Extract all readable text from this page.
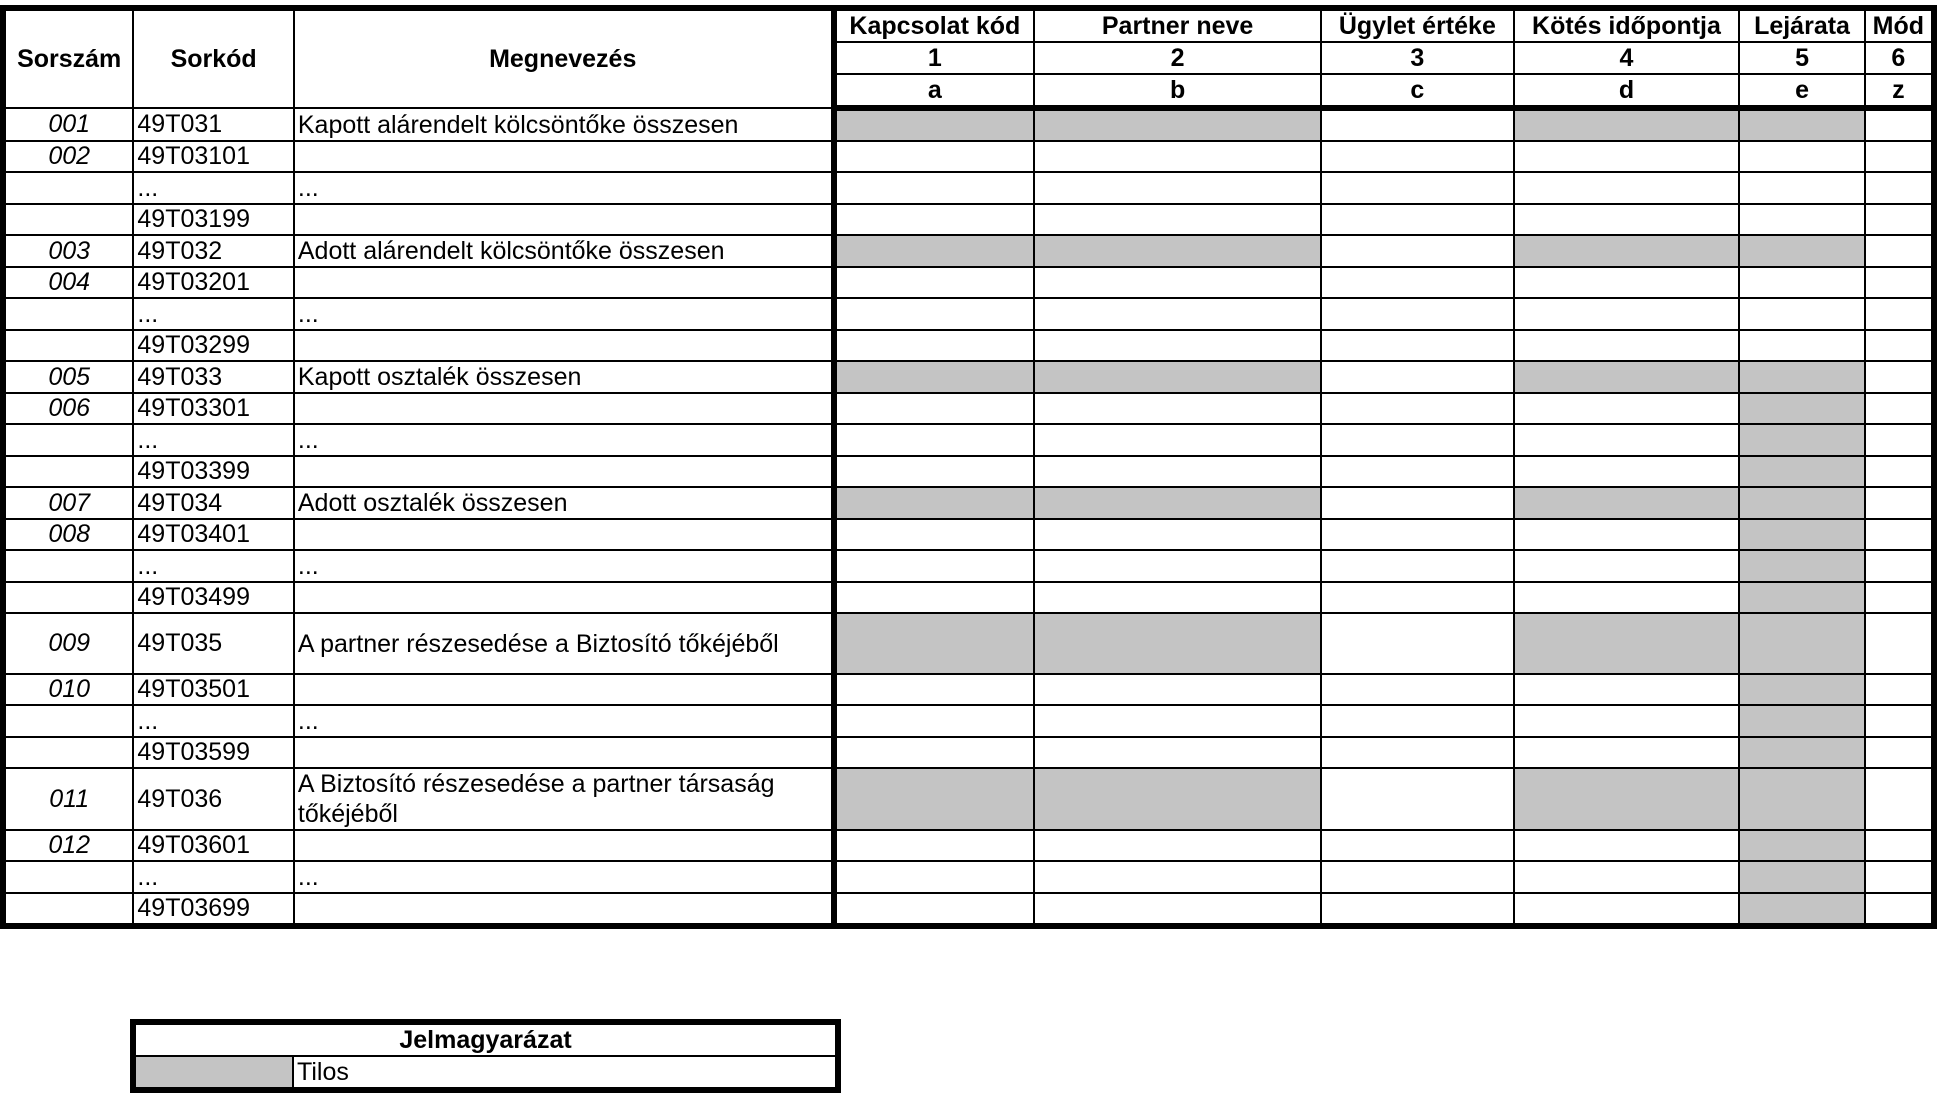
Sorszám	Sorkód	Megnevezés	Kapcsolat kód	Partner neve	Ügylet értéke	Kötés időpontja	Lejárata	Mód
			1	2	3	4	5	6
			a	b	c	d	e	z
001	49T031	Kapott alárendelt kölcsöntőke összesen						
002	49T03101							
	...	...						
	49T03199							
003	49T032	Adott alárendelt kölcsöntőke összesen						
004	49T03201							
	...	...						
	49T03299							
005	49T033	Kapott osztalék összesen						
006	49T03301							
	...	...						
	49T03399							
007	49T034	Adott osztalék összesen						
008	49T03401							
	...	...						
	49T03499							
009	49T035	A partner részesedése a Biztosító tőkéjéből						
010	49T03501							
	...	...						
	49T03599							
011	49T036	A Biztosító részesedése a partner társaság tőkéjéből						
012	49T03601							
	...	...						
	49T03699							
Jelmagyarázat
	Tilos
